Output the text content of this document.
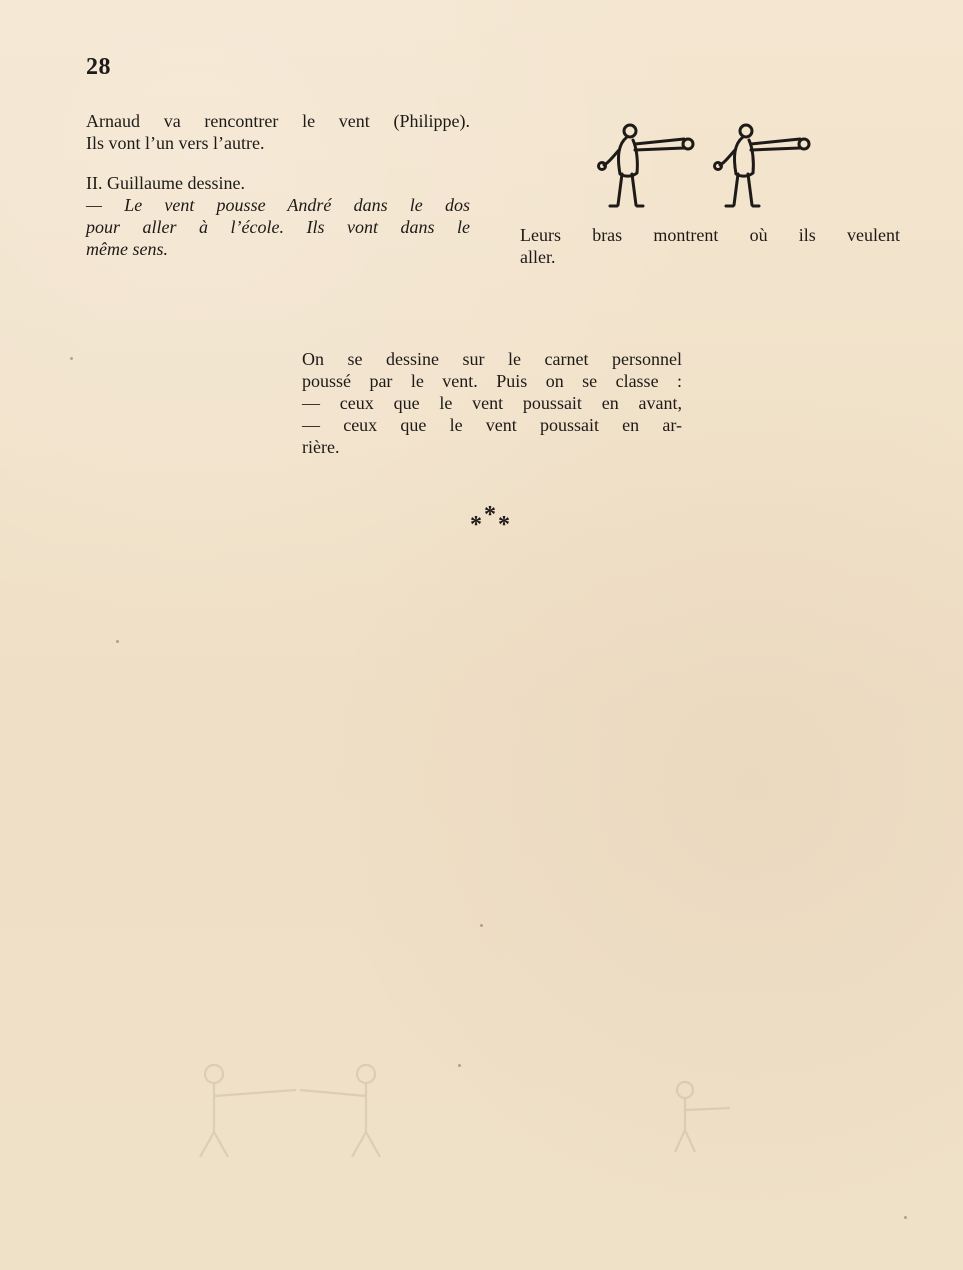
28
Arnaud va rencontrer le vent (Philippe).
Ils vont l’un vers l’autre.
II. Guillaume dessine.
— Le vent pousse André dans le dos
pour aller à l’école. Ils vont dans le
même sens.
Leurs bras montrent où ils veulent
aller.
On se dessine sur le carnet personnel
poussé par le vent. Puis on se classe :
— ceux que le vent poussait en avant,
— ceux que le vent poussait en ar-
rière.
* * *
